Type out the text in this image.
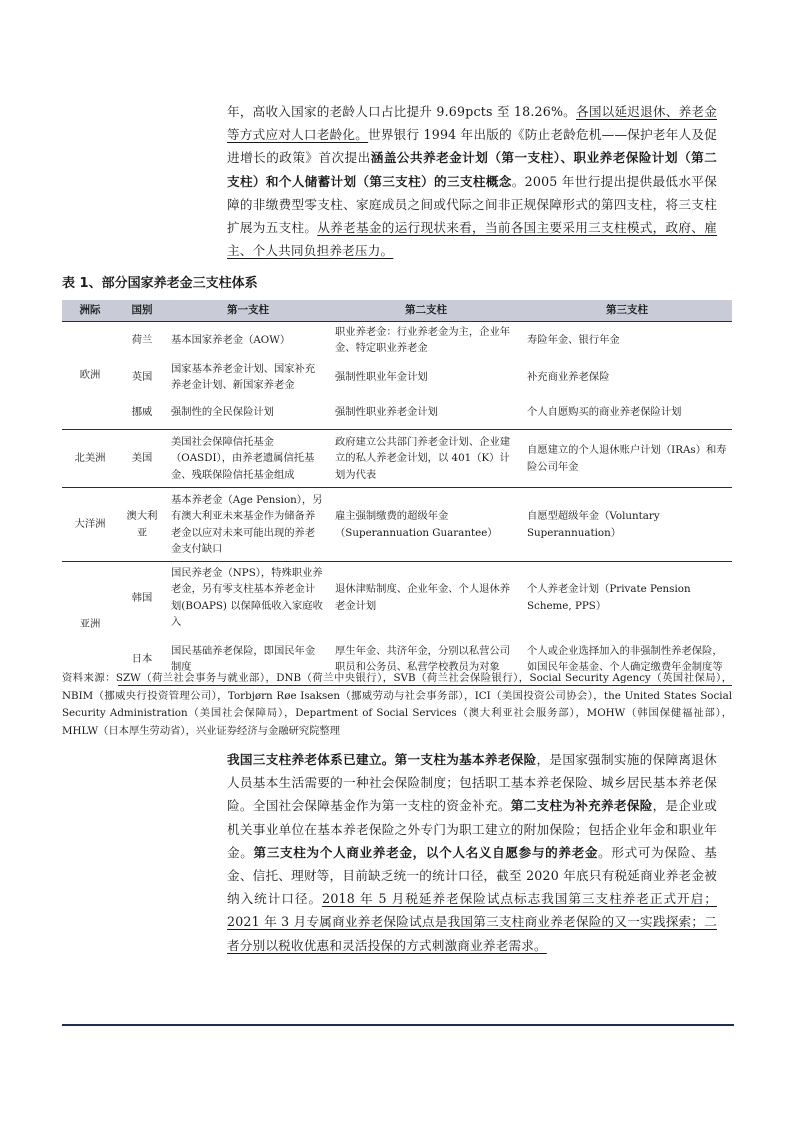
年，高收入国家的老龄人口占比提升 9.69pcts 至 18.26%。各国以延迟退休、养老金等方式应对人口老龄化。世界银行 1994 年出版的《防止老龄危机——保护老年人及促进增长的政策》首次提出涵盖公共养老金计划（第一支柱）、职业养老保险计划（第二支柱）和个人储蓄计划（第三支柱）的三支柱概念。2005 年世行提出提供最低水平保障的非缴费型零支柱、家庭成员之间或代际之间非正规保障形式的第四支柱，将三支柱扩展为五支柱。从养老基金的运行现状来看，当前各国主要采用三支柱模式，政府、雇主、个人共同负担养老压力。
表 1、部分国家养老金三支柱体系
洲际	国别	第一支柱	第二支柱	第三支柱
欧洲	荷兰	基本国家养老金（AOW）	职业养老金：行业养老金为主，企业年金、特定职业养老金	寿险年金、银行年金
	英国	国家基本养老金计划、国家补充养老金计划、新国家养老金	强制性职业年金计划	补充商业养老保险
	挪威	强制性的全民保险计划	强制性职业养老金计划	个人自愿购买的商业养老保险计划
北美洲	美国	美国社会保障信托基金（OASDI），由养老遗属信托基金、残联保险信托基金组成	政府建立公共部门养老金计划、企业建立的私人养老金计划，以 401（K）计划为代表	自愿建立的个人退休账户计划（IRAs）和寿险公司年金
大洋洲	澳大利亚	基本养老金（Age Pension），另有澳大利亚未来基金作为储备养老金以应对未来可能出现的养老金支付缺口	雇主强制缴费的超级年金（Superannuation Guarantee）	自愿型超级年金（Voluntary Superannuation）
亚洲	韩国	国民养老金（NPS），特殊职业养老金，另有零支柱基本养老金计划(BOAPS) 以保障低收入家庭收入	退休津贴制度、企业年金、个人退休养老金计划	个人养老金计划（Private Pension Scheme, PPS）
	日本	国民基础养老保险，即国民年金制度	厚生年金、共济年金，分别以私营公司职员和公务员、私营学校教员为对象	个人或企业选择加入的非强制性养老保险，如国民年金基金、个人确定缴费年金制度等
资料来源：SZW（荷兰社会事务与就业部），DNB（荷兰中央银行），SVB（荷兰社会保险银行），Social Security Agency（英国社保局），NBIM（挪威央行投资管理公司），Torbjørn Røe Isaksen（挪威劳动与社会事务部），ICI（美国投资公司协会），the United States Social Security Administration（美国社会保障局），Department of Social Services（澳大利亚社会服务部），MOHW（韩国保健福祉部），MHLW（日本厚生劳动省），兴业证券经济与金融研究院整理
我国三支柱养老体系已建立。第一支柱为基本养老保险，是国家强制实施的保障离退休人员基本生活需要的一种社会保险制度；包括职工基本养老保险、城乡居民基本养老保险。全国社会保障基金作为第一支柱的资金补充。第二支柱为补充养老保险，是企业或机关事业单位在基本养老保险之外专门为职工建立的附加保险；包括企业年金和职业年金。第三支柱为个人商业养老金，以个人名义自愿参与的养老金。形式可为保险、基金、信托、理财等，目前缺乏统一的统计口径，截至 2020 年底只有税延商业养老金被纳入统计口径。2018 年 5 月税延养老保险试点标志我国第三支柱养老正式开启；2021 年 3 月专属商业养老保险试点是我国第三支柱商业养老保险的又一实践探索；二者分别以税收优惠和灵活投保的方式刺激商业养老需求。
